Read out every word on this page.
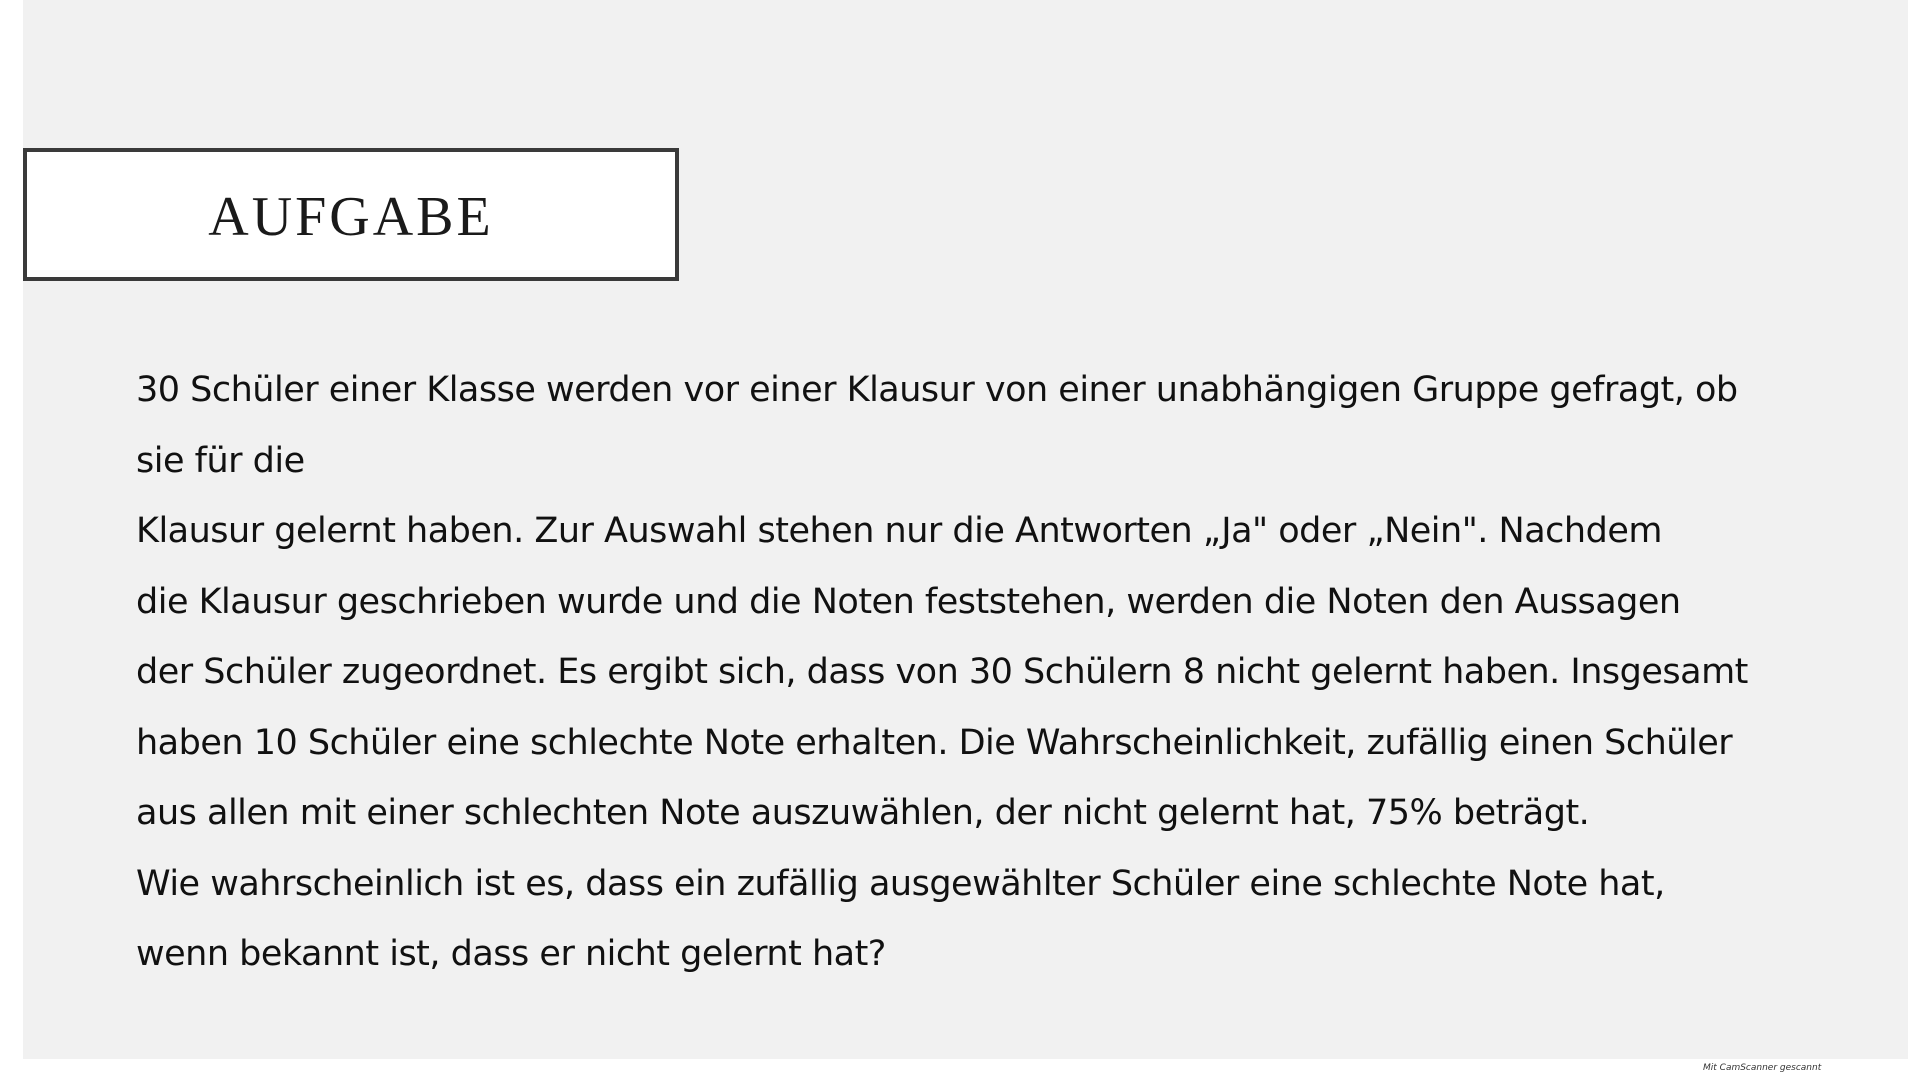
AUFGABE
30 Schüler einer Klasse werden vor einer Klausur von einer unabhängigen Gruppe gefragt, ob
sie für die
Klausur gelernt haben. Zur Auswahl stehen nur die Antworten „Ja" oder „Nein". Nachdem
die Klausur geschrieben wurde und die Noten feststehen, werden die Noten den Aussagen
der Schüler zugeordnet. Es ergibt sich, dass von 30 Schülern 8 nicht gelernt haben. Insgesamt
haben 10 Schüler eine schlechte Note erhalten. Die Wahrscheinlichkeit, zufällig einen Schüler
aus allen mit einer schlechten Note auszuwählen, der nicht gelernt hat, 75% beträgt.
Wie wahrscheinlich ist es, dass ein zufällig ausgewählter Schüler eine schlechte Note hat,
wenn bekannt ist, dass er nicht gelernt hat?
Mit CamScanner gescannt
